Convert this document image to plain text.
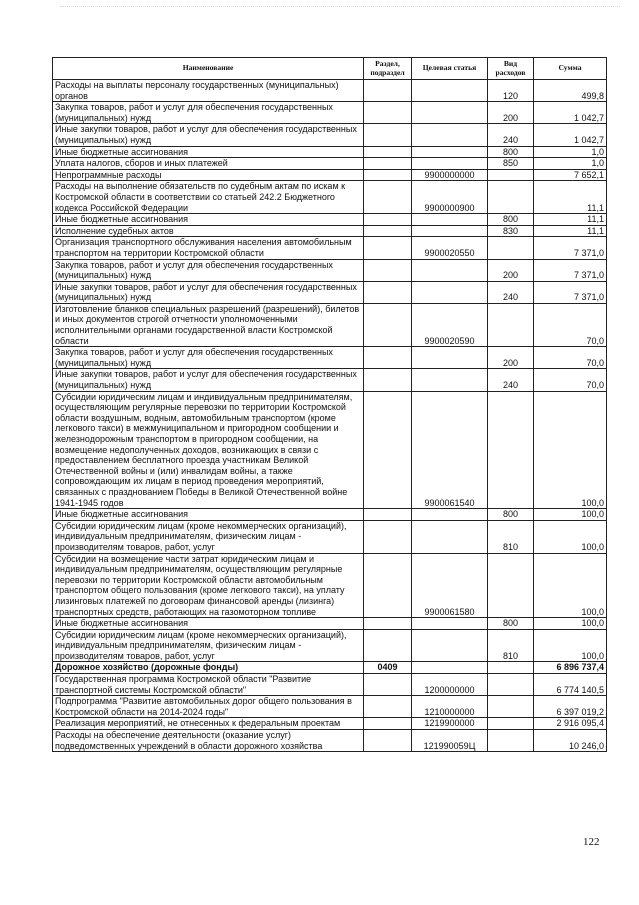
Наименование	Раздел, подраздел	Целевая статья	Вид расходов	Сумма
Расходы на выплаты персоналу государственных (муниципальных) органов			120	499,8
Закупка товаров, работ и услуг для обеспечения государственных (муниципальных) нужд			200	1 042,7
Иные закупки товаров, работ и услуг для обеспечения государственных (муниципальных) нужд			240	1 042,7
Иные бюджетные ассигнования			800	1,0
Уплата налогов, сборов и иных платежей			850	1,0
Непрограммные расходы		9900000000		7 652,1
Расходы на выполнение обязательств по судебным актам по искам к Костромской области в соответствии со статьей 242.2 Бюджетного кодекса Российской Федерации		9900000900		11,1
Иные бюджетные ассигнования			800	11,1
Исполнение судебных актов			830	11,1
Организация транспортного обслуживания населения автомобильным транспортом на территории Костромской области		9900020550		7 371,0
Закупка товаров, работ и услуг для обеспечения государственных (муниципальных) нужд			200	7 371,0
Иные закупки товаров, работ и услуг для обеспечения государственных (муниципальных) нужд			240	7 371,0
Изготовление бланков специальных разрешений (разрешений), билетов и иных документов строгой отчетности уполномоченными исполнительными органами государственной власти Костромской области		9900020590		70,0
Закупка товаров, работ и услуг для обеспечения государственных (муниципальных) нужд			200	70,0
Иные закупки товаров, работ и услуг для обеспечения государственных (муниципальных) нужд			240	70,0
Субсидии юридическим лицам и индивидуальным предпринимателям, осуществляющим регулярные перевозки по территории Костромской области воздушным, водным, автомобильным транспортом (кроме легкового такси) в межмуниципальном и пригородном сообщении и железнодорожным транспортом в пригородном сообщении, на возмещение недополученных доходов, возникающих в связи с предоставлением бесплатного проезда участникам Великой Отечественной войны и (или) инвалидам войны, а также сопровождающим их лицам в период проведения мероприятий, связанных с празднованием Победы в Великой Отечественной войне 1941-1945 годов		9900061540		100,0
Иные бюджетные ассигнования			800	100,0
Субсидии юридическим лицам (кроме некоммерческих организаций), индивидуальным предпринимателям, физическим лицам - производителям товаров, работ, услуг			810	100,0
Субсидии на возмещение части затрат юридическим лицам и индивидуальным предпринимателям, осуществляющим регулярные перевозки по территории Костромской области автомобильным транспортом общего пользования (кроме легкового такси), на уплату лизинговых платежей по договорам финансовой аренды (лизинга) транспортных средств, работающих на газомоторном топливе		9900061580		100,0
Иные бюджетные ассигнования			800	100,0
Субсидии юридическим лицам (кроме некоммерческих организаций), индивидуальным предпринимателям, физическим лицам - производителям товаров, работ, услуг			810	100,0
Дорожное хозяйство (дорожные фонды)	0409			6 896 737,4
Государственная программа Костромской области "Развитие транспортной системы Костромской области"		1200000000		6 774 140,5
Подпрограмма "Развитие автомобильных дорог общего пользования в Костромской области на 2014-2024 годы"		1210000000		6 397 019,2
Реализация мероприятий, не отнесенных к федеральным проектам		1219900000		2 916 095,4
Расходы на обеспечение деятельности (оказание услуг) подведомственных учреждений в области дорожного хозяйства		121990059Ц		10 246,0
122
